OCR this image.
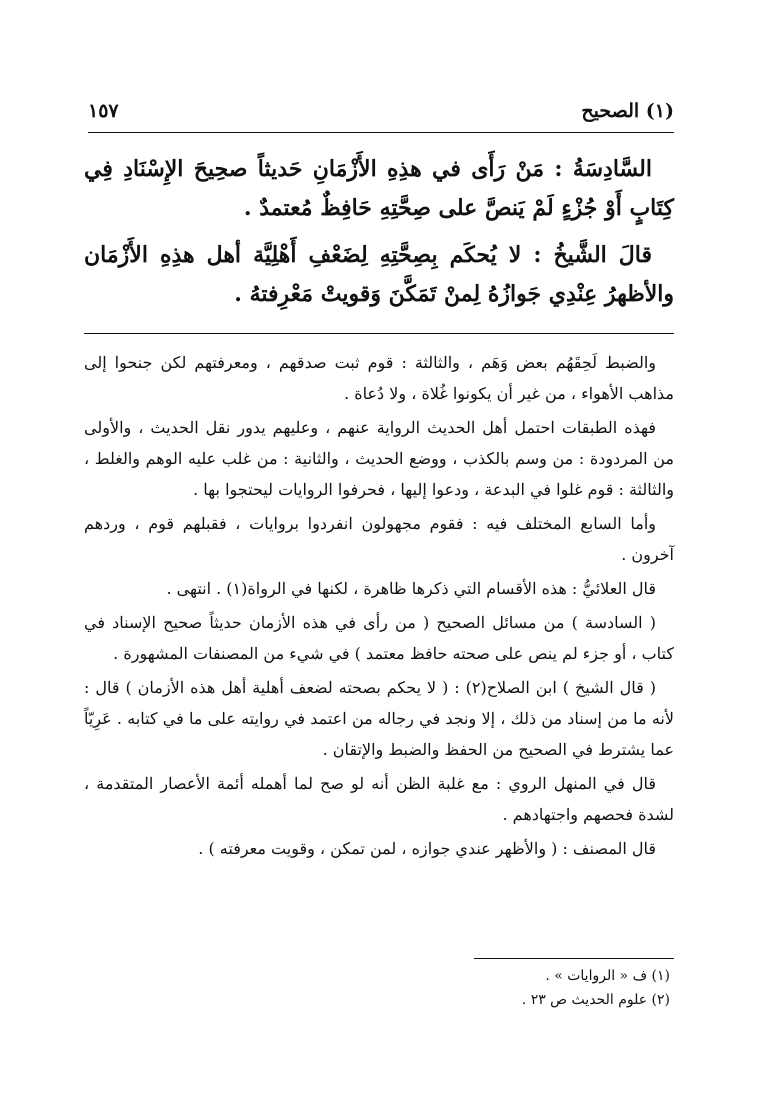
(١) الصحيح
١٥٧

السَّادِسَةُ : مَنْ رَأَى في هذِهِ الأَزْمَانِ حَديثاً صحِيحَ الإِسْنَادِ فِي كِتَابٍ أَوْ جُزْءٍ لَمْ يَنصَّ على صِحَّتِهِ حَافِظٌ مُعتمدٌ .

قالَ الشَّيخُ : لا يُحكَم بِصِحَّتِهِ لِضَعْفِ أَهْلِيَّة أهل هذِهِ الأَزْمَان والأظهرُ عِنْدِي جَوازُهُ لِمنْ تَمَكَّنَ وَقويتْ مَعْرِفتهُ .

والضبط لَحِقَهُم بعض وَهَم ، والثالثة : قوم ثبت صدقهم ، ومعرفتهم لكن جنحوا إلى مذاهب الأهواء ، من غير أن يكونوا غُلاة ، ولا دُعاة .

فهذه الطبقات احتمل أهل الحديث الرواية عنهم ، وعليهم يدور نقل الحديث ، والأولى من المردودة : من وسم بالكذب ، ووضع الحديث ، والثانية : من غلب عليه الوهم والغلط ، والثالثة : قوم غلوا في البدعة ، ودعوا إليها ، فحرفوا الروايات ليحتجوا بها .

وأما السابع المختلف فيه : فقوم مجهولون انفردوا بروايات ، فقبلهم قوم ، وردهم آخرون .

قال العلائيُّ : هذه الأقسام التي ذكرها ظاهرة ، لكنها في الرواة(١) . انتهى .

( السادسة ) من مسائل الصحيح ( من رأى في هذه الأزمان حديثاً صحيح الإسناد في كتاب ، أو جزء لم ينص على صحته حافظ معتمد ) في شيء من المصنفات المشهورة .

( قال الشيخ ) ابن الصلاح(٢) : ( لا يحكم بصحته لضعف أهلية أهل هذه الأزمان ) قال : لأنه ما من إسناد من ذلك ، إلا ونجد في رجاله من اعتمد في روايته على ما في كتابه . عَرِيّاً عما يشترط في الصحيح من الحفظ والضبط والإتقان .

قال في المنهل الروي : مع غلبة الظن أنه لو صح لما أهمله أئمة الأعصار المتقدمة ، لشدة فحصهم واجتهادهم .

قال المصنف : ( والأظهر عندي جوازه ، لمن تمكن ، وقويت معرفته ) .

(١) ف « الروايات » .
(٢) علوم الحديث ص ٢٣ .
